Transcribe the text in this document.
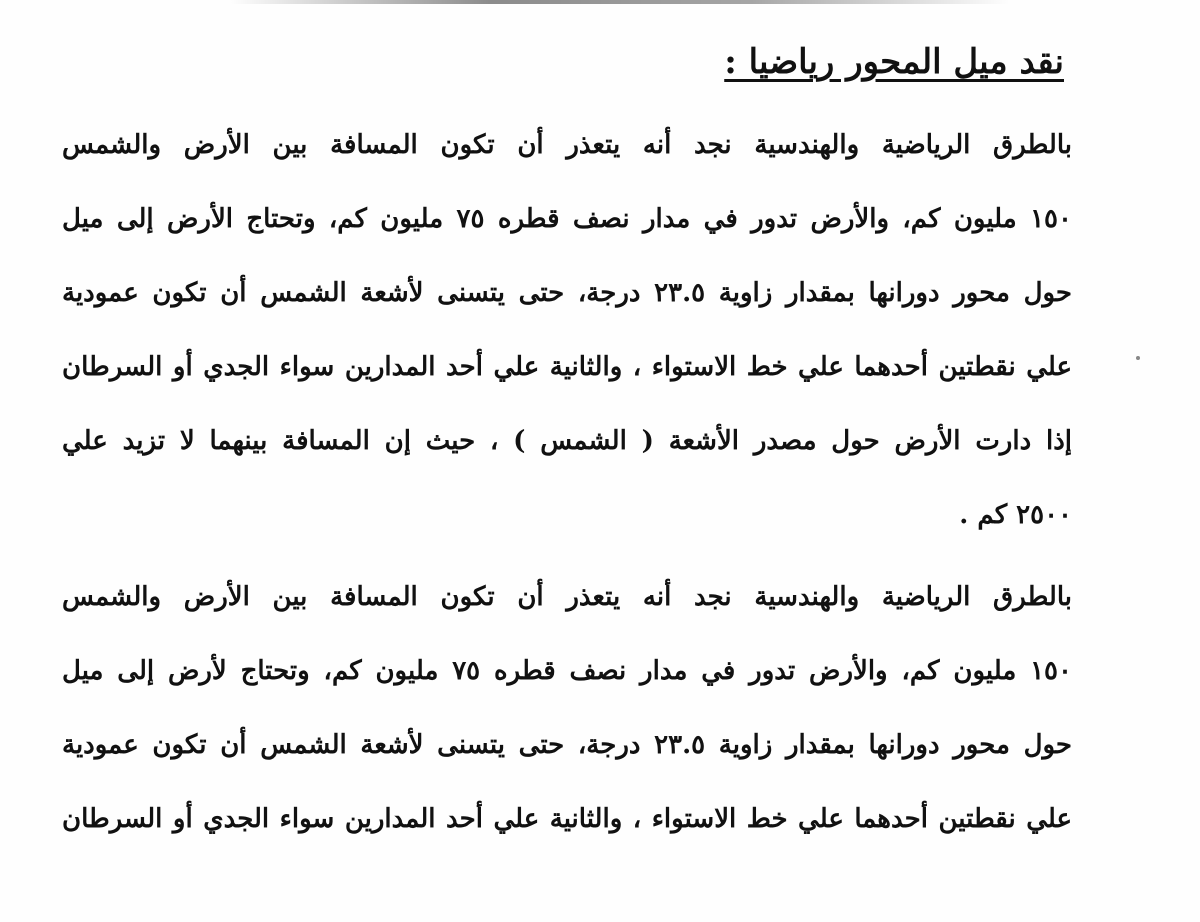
نقد ميل المحور رياضيا :
بالطرق الرياضية والهندسية نجد أنه يتعذر أن تكون المسافة بين الأرض والشمس
١٥٠ مليون كم، والأرض تدور في مدار نصف قطره ٧٥ مليون كم، وتحتاج الأرض إلى ميل
حول محور دورانها بمقدار زاوية ٢٣.٥ درجة، حتى يتسنى لأشعة الشمس أن تكون عمودية
علي نقطتين أحدهما علي خط الاستواء ، والثانية علي أحد المدارين سواء الجدي أو السرطان
إذا دارت الأرض حول مصدر الأشعة ( الشمس ) ، حيث إن المسافة بينهما لا تزيد علي
٢٥٠٠ كم .
بالطرق الرياضية والهندسية نجد أنه يتعذر أن تكون المسافة بين الأرض والشمس
١٥٠ مليون كم، والأرض تدور في مدار نصف قطره ٧٥ مليون كم، وتحتاج لأرض إلى ميل
حول محور دورانها بمقدار زاوية ٢٣.٥ درجة، حتى يتسنى لأشعة الشمس أن تكون عمودية
علي نقطتين أحدهما علي خط الاستواء ، والثانية علي أحد المدارين سواء الجدي أو السرطان
